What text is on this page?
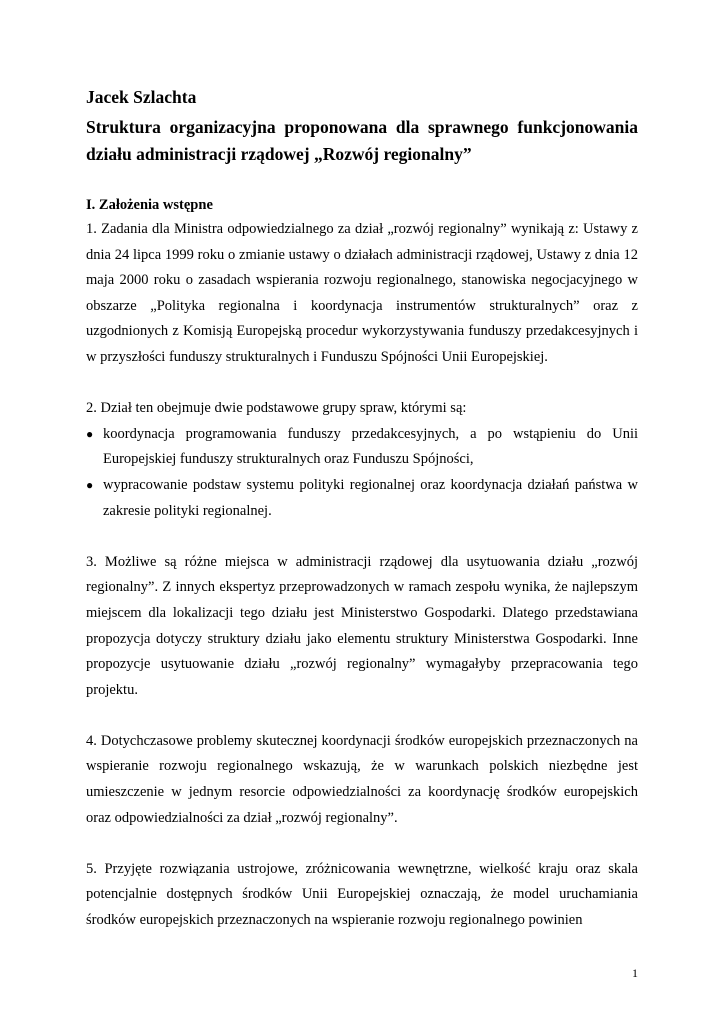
Jacek Szlachta

Struktura organizacyjna proponowana dla sprawnego funkcjonowania działu administracji rządowej „Rozwój regionalny”

I. Założenia wstępne

1. Zadania dla Ministra odpowiedzialnego za dział „rozwój regionalny” wynikają z: Ustawy z dnia 24 lipca 1999 roku o zmianie ustawy o działach administracji rządowej, Ustawy z dnia 12 maja 2000 roku o zasadach wspierania rozwoju regionalnego, stanowiska negocjacyjnego w obszarze „Polityka regionalna i koordynacja instrumentów strukturalnych” oraz z uzgodnionych z Komisją Europejską procedur wykorzystywania funduszy przedakcesyjnych i w przyszłości funduszy strukturalnych i Funduszu Spójności Unii Europejskiej.

2. Dział ten obejmuje dwie podstawowe grupy spraw, którymi są:

● koordynacja programowania funduszy przedakcesyjnych, a po wstąpieniu do Unii Europejskiej funduszy strukturalnych oraz Funduszu Spójności,
● wypracowanie podstaw systemu polityki regionalnej oraz koordynacja działań państwa w zakresie polityki regionalnej.

3. Możliwe są różne miejsca w administracji rządowej dla usytuowania działu „rozwój regionalny”. Z innych ekspertyz przeprowadzonych w ramach zespołu wynika, że najlepszym miejscem dla lokalizacji tego działu jest Ministerstwo Gospodarki. Dlatego przedstawiana propozycja dotyczy struktury działu jako elementu struktury Ministerstwa Gospodarki. Inne propozycje usytuowanie działu „rozwój regionalny” wymagałyby przepracowania tego projektu.

4. Dotychczasowe problemy skutecznej koordynacji środków europejskich przeznaczonych na wspieranie rozwoju regionalnego wskazują, że w warunkach polskich niezbędne jest umieszczenie w jednym resorcie odpowiedzialności za koordynację środków europejskich oraz odpowiedzialności za dział „rozwój regionalny”.

5. Przyjęte rozwiązania ustrojowe, zróżnicowania wewnętrzne, wielkość kraju oraz skala potencjalnie dostępnych środków Unii Europejskiej oznaczają, że model uruchamiania środków europejskich przeznaczonych na wspieranie rozwoju regionalnego powinien

1
